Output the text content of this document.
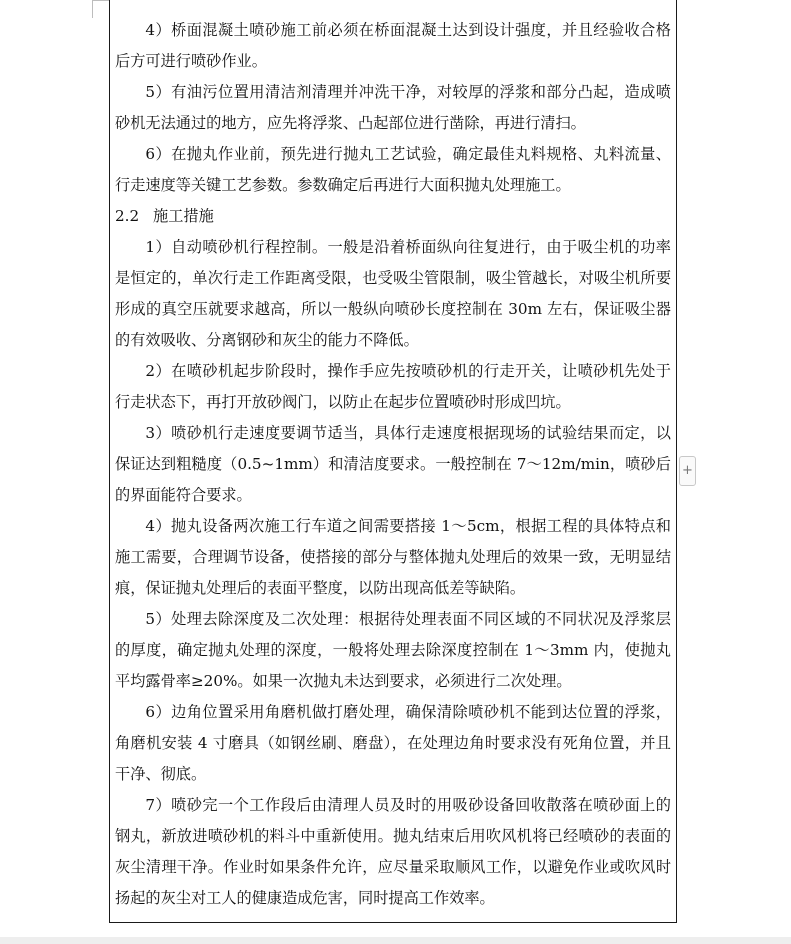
4）桥面混凝土喷砂施工前必须在桥面混凝土达到设计强度，并且经验收合格后方可进行喷砂作业。

5）有油污位置用清洁剂清理并冲洗干净，对较厚的浮浆和部分凸起，造成喷砂机无法通过的地方，应先将浮浆、凸起部位进行凿除，再进行清扫。

6）在抛丸作业前，预先进行抛丸工艺试验，确定最佳丸料规格、丸料流量、行走速度等关键工艺参数。参数确定后再进行大面积抛丸处理施工。

2.2 施工措施

1）自动喷砂机行程控制。一般是沿着桥面纵向往复进行，由于吸尘机的功率是恒定的，单次行走工作距离受限，也受吸尘管限制，吸尘管越长，对吸尘机所要形成的真空压就要求越高，所以一般纵向喷砂长度控制在 30m 左右，保证吸尘器的有效吸收、分离钢砂和灰尘的能力不降低。

2）在喷砂机起步阶段时，操作手应先按喷砂机的行走开关，让喷砂机先处于行走状态下，再打开放砂阀门，以防止在起步位置喷砂时形成凹坑。

3）喷砂机行走速度要调节适当，具体行走速度根据现场的试验结果而定，以保证达到粗糙度（0.5~1mm）和清洁度要求。一般控制在 7～12m/min，喷砂后的界面能符合要求。

4）抛丸设备两次施工行车道之间需要搭接 1～5cm，根据工程的具体特点和施工需要，合理调节设备，使搭接的部分与整体抛丸处理后的效果一致，无明显结痕，保证抛丸处理后的表面平整度，以防出现高低差等缺陷。

5）处理去除深度及二次处理：根据待处理表面不同区域的不同状况及浮浆层的厚度，确定抛丸处理的深度，一般将处理去除深度控制在 1～3mm 内，使抛丸平均露骨率≥20%。如果一次抛丸未达到要求，必须进行二次处理。

6）边角位置采用角磨机做打磨处理，确保清除喷砂机不能到达位置的浮浆，角磨机安装 4 寸磨具（如钢丝刷、磨盘），在处理边角时要求没有死角位置，并且干净、彻底。

7）喷砂完一个工作段后由清理人员及时的用吸砂设备回收散落在喷砂面上的钢丸，新放进喷砂机的料斗中重新使用。抛丸结束后用吹风机将已经喷砂的表面的灰尘清理干净。作业时如果条件允许，应尽量采取顺风工作，以避免作业或吹风时扬起的灰尘对工人的健康造成危害，同时提高工作效率。

+
